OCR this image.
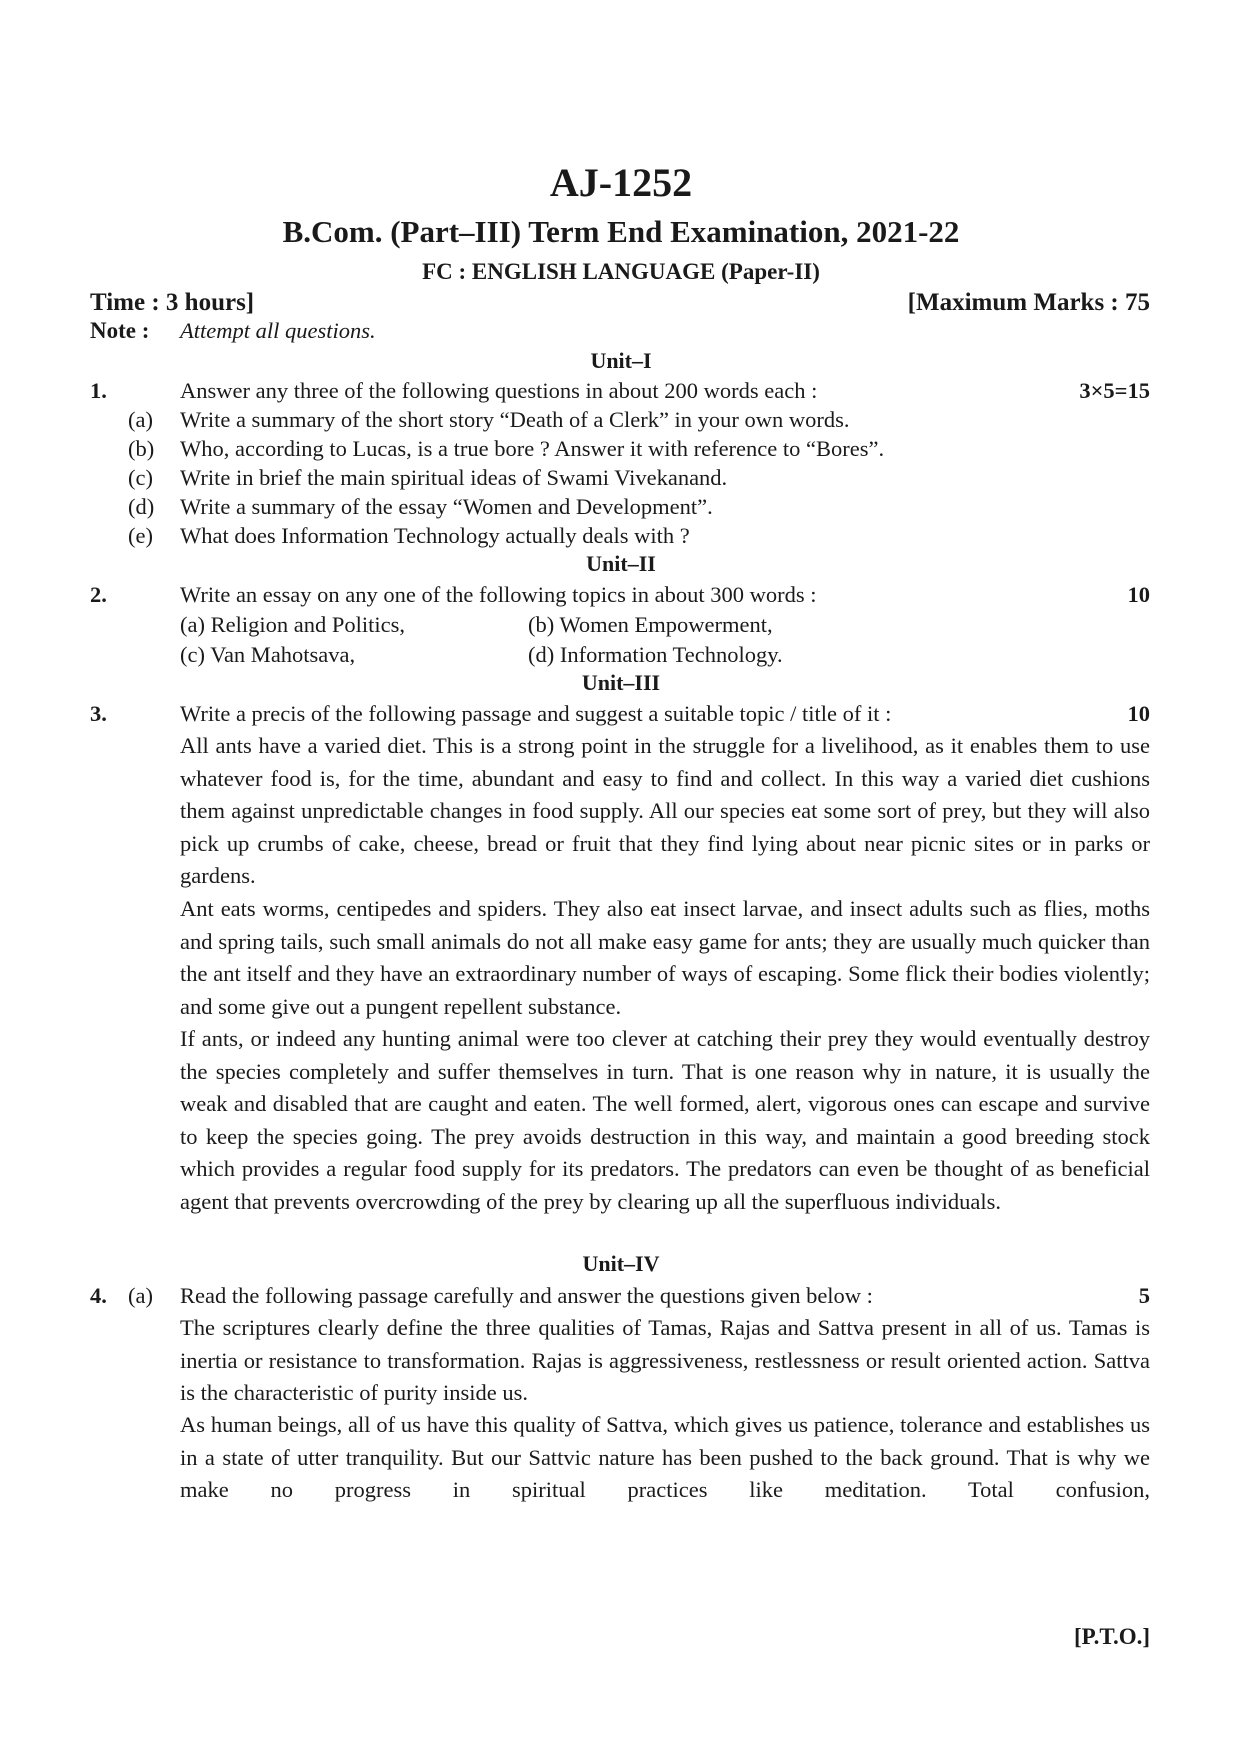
AJ-1252
B.Com. (Part–III) Term End Examination, 2021-22
FC : ENGLISH LANGUAGE (Paper-II)
Time : 3 hours]	[Maximum Marks : 75
Note : Attempt all questions.
Unit–I
1.	Answer any three of the following questions in about 200 words each :	3×5=15
(a) Write a summary of the short story “Death of a Clerk” in your own words.
(b) Who, according to Lucas, is a true bore ? Answer it with reference to “Bores”.
(c) Write in brief the main spiritual ideas of Swami Vivekanand.
(d) Write a summary of the essay “Women and Development”.
(e) What does Information Technology actually deals with ?
Unit–II
2.	Write an essay on any one of the following topics in about 300 words :	10
(a) Religion and Politics,	(b) Women Empowerment,
(c) Van Mahotsava,	(d) Information Technology.
Unit–III
3.	Write a precis of the following passage and suggest a suitable topic / title of it :	10

All ants have a varied diet. This is a strong point in the struggle for a livelihood, as it enables them to use whatever food is, for the time, abundant and easy to find and collect. In this way a varied diet cushions them against unpredictable changes in food supply. All our species eat some sort of prey, but they will also pick up crumbs of cake, cheese, bread or fruit that they find lying about near picnic sites or in parks or gardens.

Ant eats worms, centipedes and spiders. They also eat insect larvae, and insect adults such as flies, moths and spring tails, such small animals do not all make easy game for ants; they are usually much quicker than the ant itself and they have an extraordinary number of ways of escaping. Some flick their bodies violently; and some give out a pungent repellent substance.

If ants, or indeed any hunting animal were too clever at catching their prey they would eventually destroy the species completely and suffer themselves in turn. That is one reason why in nature, it is usually the weak and disabled that are caught and eaten. The well formed, alert, vigorous ones can escape and survive to keep the species going. The prey avoids destruction in this way, and maintain a good breeding stock which provides a regular food supply for its predators. The predators can even be thought of as beneficial agent that prevents overcrowding of the prey by clearing up all the superfluous individuals.

Unit–IV
4. (a) Read the following passage carefully and answer the questions given below :	5

The scriptures clearly define the three qualities of Tamas, Rajas and Sattva present in all of us. Tamas is inertia or resistance to transformation. Rajas is aggressiveness, restlessness or result oriented action. Sattva is the characteristic of purity inside us.

As human beings, all of us have this quality of Sattva, which gives us patience, tolerance and establishes us in a state of utter tranquility. But our Sattvic nature has been pushed to the back ground. That is why we make no progress in spiritual practices like meditation. Total confusion,

[P.T.O.]
